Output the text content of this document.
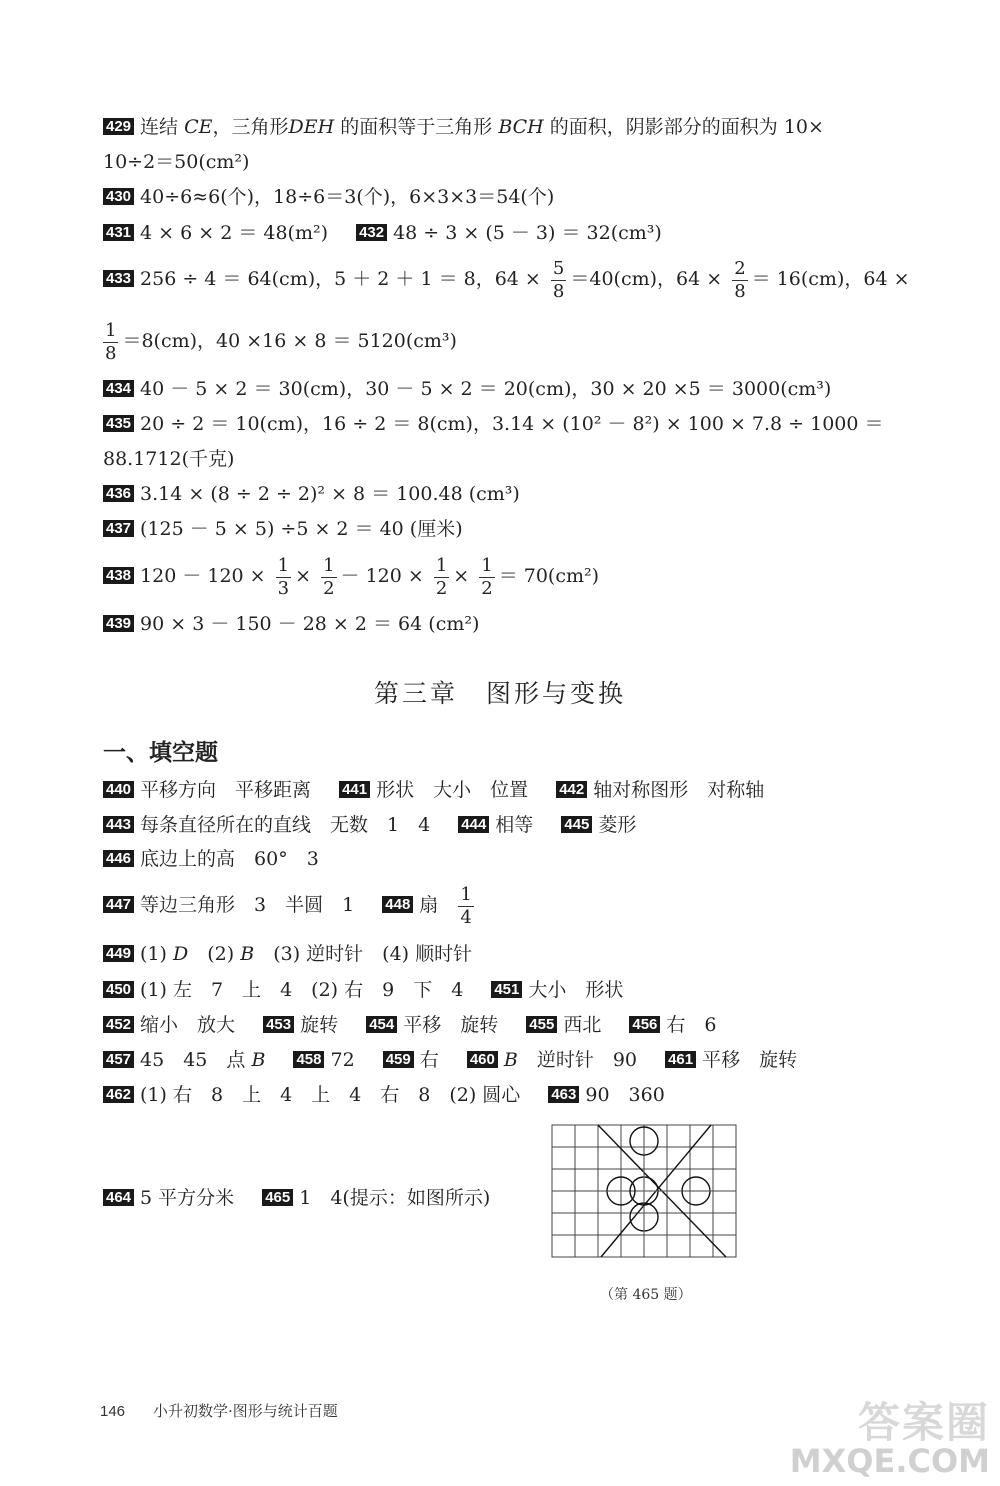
429 连结 CE，三角形DEH 的面积等于三角形 BCH 的面积，阴影部分的面积为 10×
10÷2＝50(cm²)
430 40÷6≈6(个)，18÷6＝3(个)，6×3×3＝54(个)
431 4 × 6 × 2 ＝ 48(m²) 432 48 ÷ 3 × (5 － 3) ＝ 32(cm³)
433 256 ÷ 4 ＝ 64(cm)，5 ＋ 2 ＋ 1 ＝ 8，$64 \times \frac{5}{8} =40(cm)$，$64 \times \frac{2}{8} = 16(cm)$，64 ×
$\frac{1}{8} =8(cm)$，40 ×16 × 8 ＝ 5120(cm³)
434 40 － 5 × 2 ＝ 30(cm)，30 － 5 × 2 ＝ 20(cm)，30 × 20 ×5 ＝ 3000(cm³)
435 20 ÷ 2 ＝ 10(cm)，16 ÷ 2 ＝ 8(cm)，3.14 × (10² － 8²) × 100 × 7.8 ÷ 1000 ＝
88.1712(千克)
436 3.14 × (8 ÷ 2 ÷ 2)² × 8 ＝ 100.48 (cm³)
437 (125 － 5 × 5) ÷5 × 2 ＝ 40 (厘米)
438 $120 - 120 \times \frac{1}{3} \times \frac{1}{2} - 120 \times \frac{1}{2} \times \frac{1}{2} = 70(cm^2)$
439 90 × 3 － 150 － 28 × 2 ＝ 64 (cm²)
第三章　图形与变换
一、填空题
440 平移方向　平移距离 441 形状　大小　位置 442 轴对称图形　对称轴
443 每条直径所在的直线　无数　1　4 444 相等 445 菱形
446 底边上的高　60°　3
447 等边三角形　3　半圆　1 448 扇 $\frac{1}{4}$
449 (1) D　 (2) B　 (3) 逆时针　(4) 顺时针
450 (1) 左　7　上　4　(2) 右　9　下　4 451 大小　形状
452 缩小　放大 453 旋转 454 平移　旋转 455 西北 456 右　6
457 45　45　点 B 458 72 459 右 460 B　 逆时针　90 461 平移　旋转
462 (1) 右　8　上　4　上　4　右　8　(2) 圆心 463 90　360
464 5 平方分米 465 1　4(提示：如图所示)
（第 465 题）
146 小升初数学·图形与统计百题	答案圈
MXQE.COM
